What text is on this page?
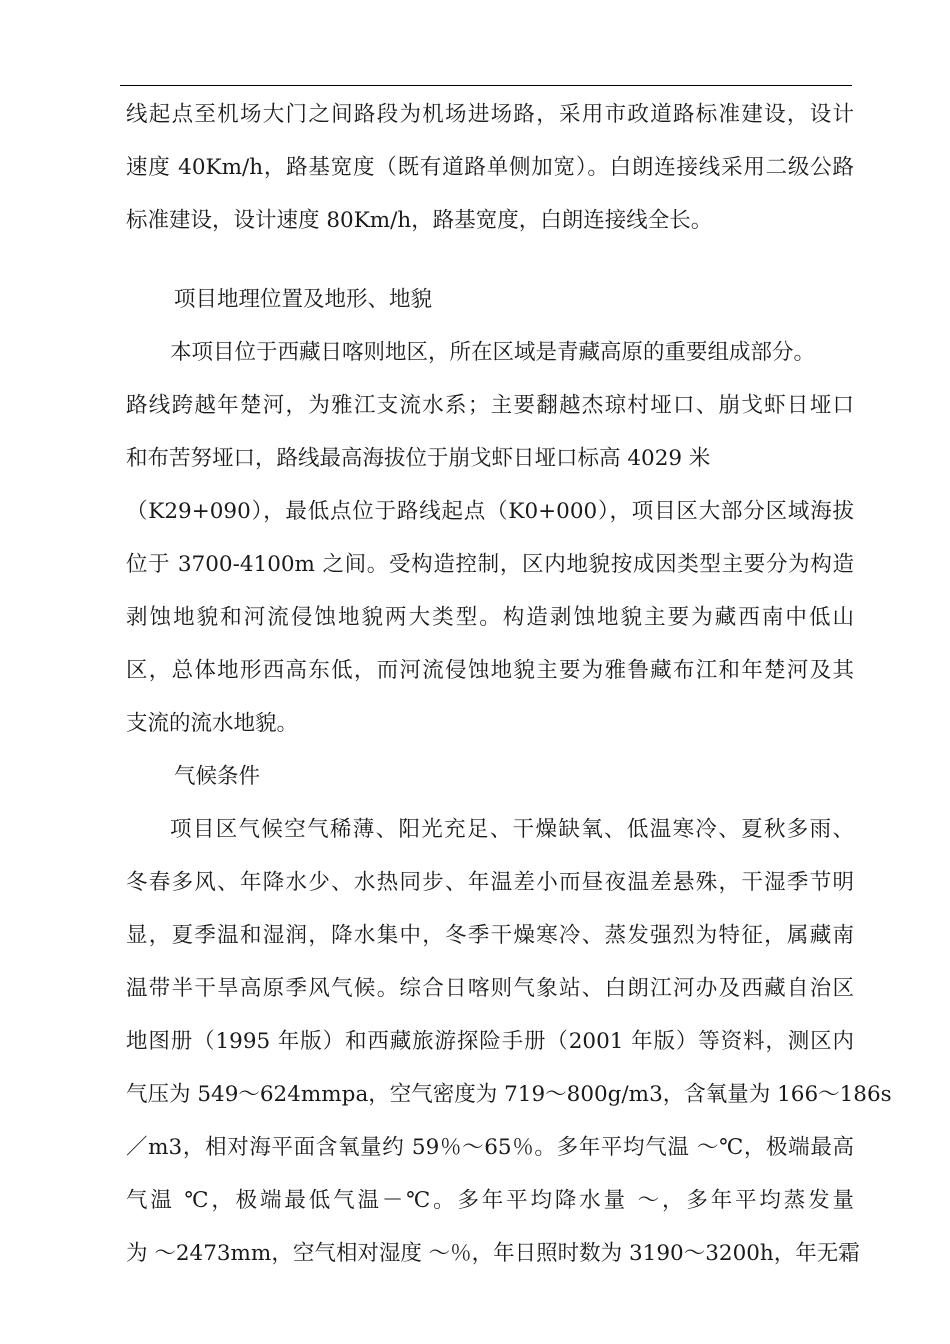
线起点至机场大门之间路段为机场进场路，采用市政道路标准建设，设计
速度 40Km/h，路基宽度（既有道路单侧加宽）。白朗连接线采用二级公路
标准建设，设计速度 80Km/h，路基宽度，白朗连接线全长。
项目地理位置及地形、地貌
本项目位于西藏日喀则地区，所在区域是青藏高原的重要组成部分。
路线跨越年楚河，为雅江支流水系；主要翻越杰琼村垭口、崩戈虾日垭口
和布苦努垭口，路线最高海拔位于崩戈虾日垭口标高 4029 米
（K29+090），最低点位于路线起点（K0+000），项目区大部分区域海拔
位于 3700-4100m 之间。受构造控制，区内地貌按成因类型主要分为构造
剥蚀地貌和河流侵蚀地貌两大类型。构造剥蚀地貌主要为藏西南中低山
区，总体地形西高东低，而河流侵蚀地貌主要为雅鲁藏布江和年楚河及其
支流的流水地貌。
气候条件
项目区气候空气稀薄、阳光充足、干燥缺氧、低温寒冷、夏秋多雨、
冬春多风、年降水少、水热同步、年温差小而昼夜温差悬殊，干湿季节明
显，夏季温和湿润，降水集中，冬季干燥寒冷、蒸发强烈为特征，属藏南
温带半干旱高原季风气候。综合日喀则气象站、白朗江河办及西藏自治区
地图册（1995 年版）和西藏旅游探险手册（2001 年版）等资料，测区内
气压为 549～624mmpa，空气密度为 719～800g/m3，含氧量为 166～186s
／m3，相对海平面含氧量约 59％～65％。多年平均气温 ～℃，极端最高
气温 ℃，极端最低气温－℃。多年平均降水量 ～，多年平均蒸发量
为 ～2473mm，空气相对湿度 ～％，年日照时数为 3190～3200h，年无霜
